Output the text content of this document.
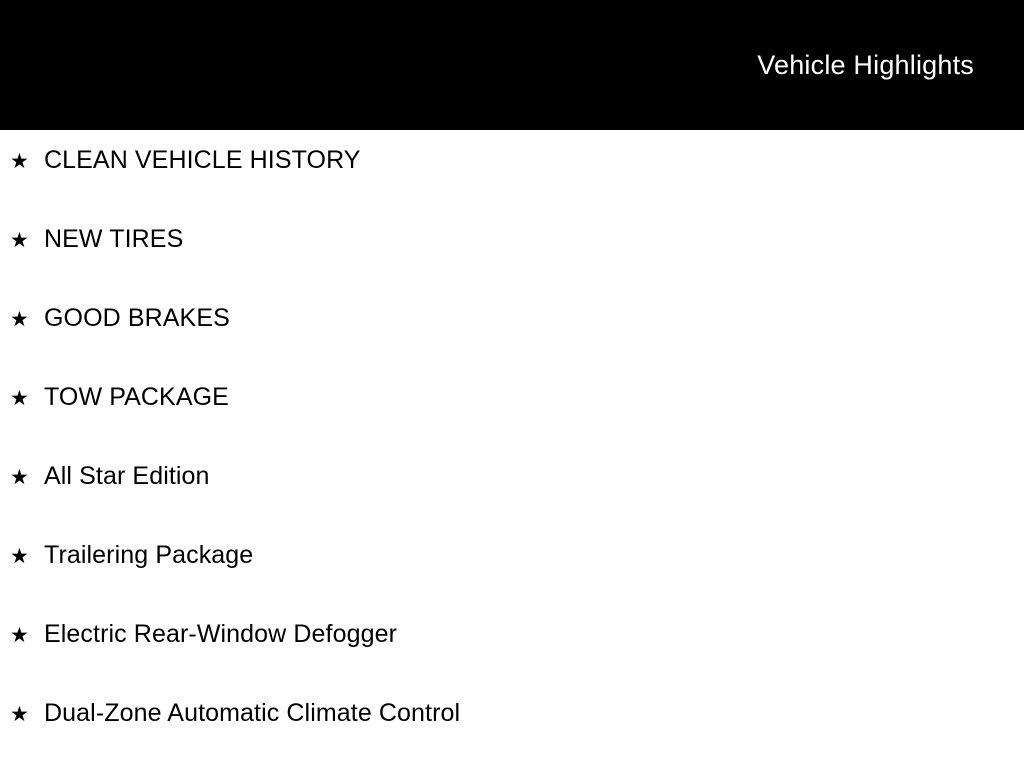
Vehicle Highlights
★ CLEAN VEHICLE HISTORY
★ NEW TIRES
★ GOOD BRAKES
★ TOW PACKAGE
★ All Star Edition
★ Trailering Package
★ Electric Rear-Window Defogger
★ Dual-Zone Automatic Climate Control
